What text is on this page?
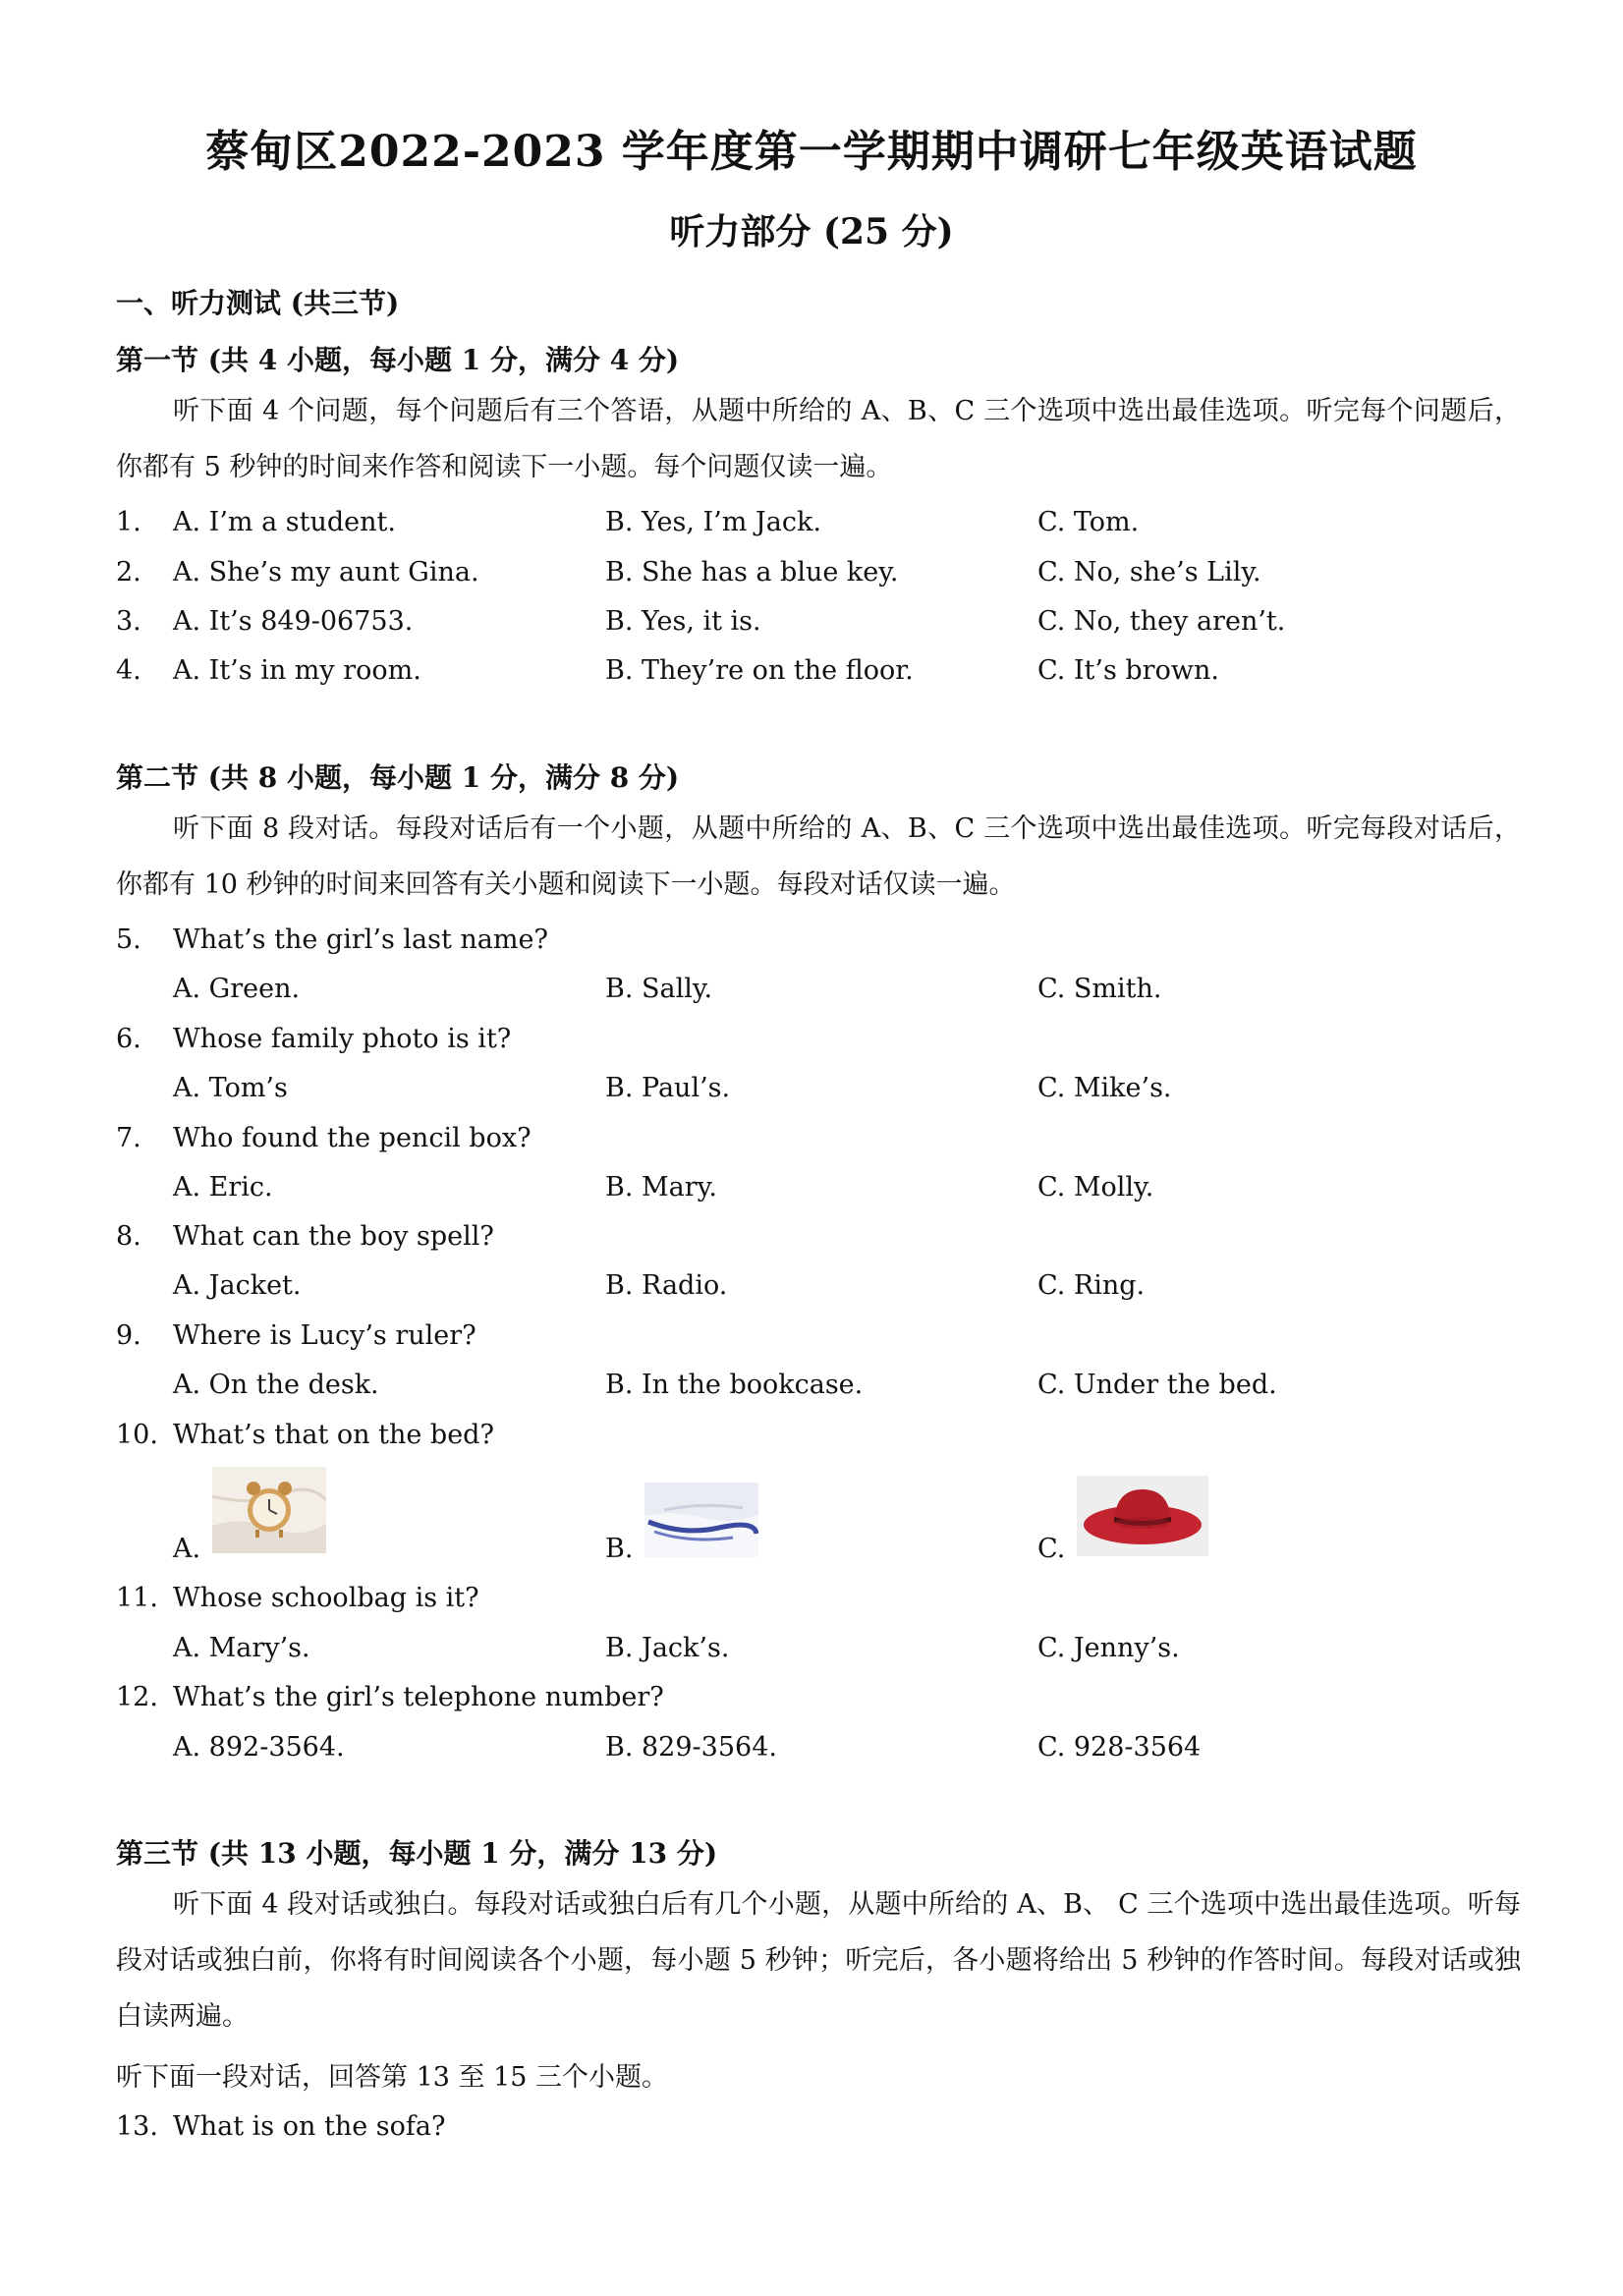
蔡甸区2022-2023 学年度第一学期期中调研七年级英语试题
听力部分 (25 分)
一、听力测试 (共三节)
第一节 (共 4 小题，每小题 1 分，满分 4 分)
听下面 4 个问题，每个问题后有三个答语，从题中所给的 A、B、C 三个选项中选出最佳选项。听完每个问题后，你都有 5 秒钟的时间来作答和阅读下一小题。每个问题仅读一遍。
1. A. I’m a student.	B. Yes, I’m Jack.	C. Tom.
2. A. She’s my aunt Gina.	B. She has a blue key.	C. No, she’s Lily.
3. A. It’s 849-06753.	B. Yes, it is.	C. No, they aren’t.
4. A. It’s in my room.	B. They’re on the floor.	C. It’s brown.
第二节 (共 8 小题，每小题 1 分，满分 8 分)
听下面 8 段对话。每段对话后有一个小题，从题中所给的 A、B、C 三个选项中选出最佳选项。听完每段对话后，你都有 10 秒钟的时间来回答有关小题和阅读下一小题。每段对话仅读一遍。
5. What’s the girl’s last name?
A. Green.	B. Sally.	C. Smith.
6. Whose family photo is it?
A. Tom’s	B. Paul’s.	C. Mike’s.
7. Who found the pencil box?
A. Eric.	B. Mary.	C. Molly.
8. What can the boy spell?
A. Jacket.	B. Radio.	C. Ring.
9. Where is Lucy’s ruler?
A. On the desk.	B. In the bookcase.	C. Under the bed.
10. What’s that on the bed?
A.	B.	C.
11. Whose schoolbag is it?
A. Mary’s.	B. Jack’s.	C. Jenny’s.
12. What’s the girl’s telephone number?
A. 892-3564.	B. 829-3564.	C. 928-3564
第三节 (共 13 小题，每小题 1 分，满分 13 分)
听下面 4 段对话或独白。每段对话或独白后有几个小题，从题中所给的 A、B、 C 三个选项中选出最佳选项。听每段对话或独白前，你将有时间阅读各个小题，每小题 5 秒钟；听完后，各小题将给出 5 秒钟的作答时间。每段对话或独白读两遍。
听下面一段对话，回答第 13 至 15 三个小题。
13. What is on the sofa?
